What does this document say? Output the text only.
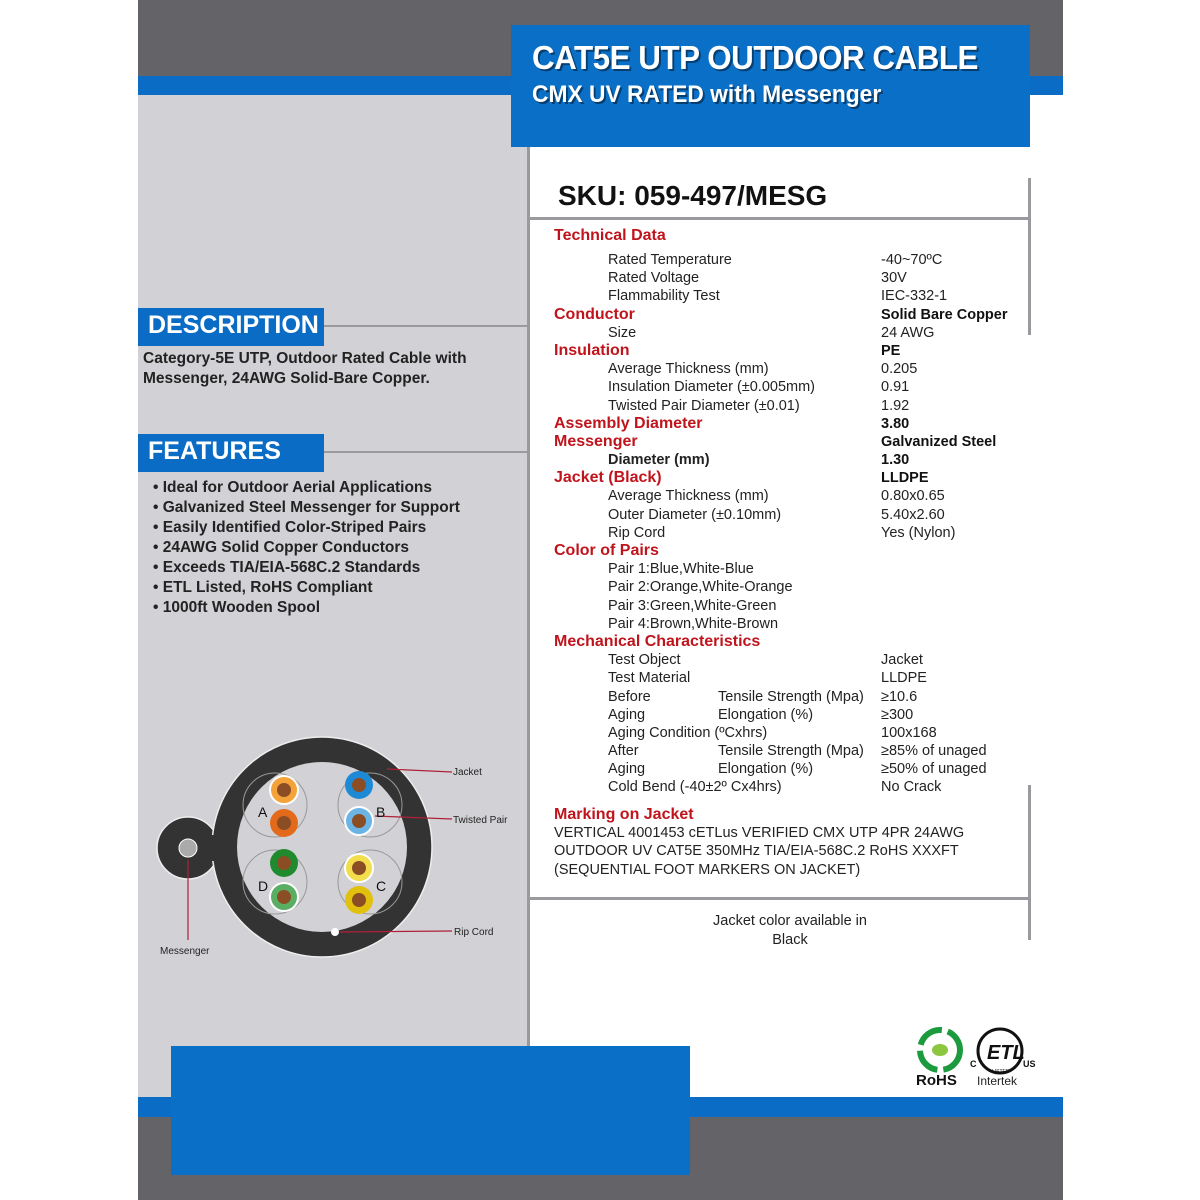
CAT5E UTP OUTDOOR CABLE
CMX UV RATED with Messenger
SKU: 059-497/MESG
DESCRIPTION
Category-5E UTP, Outdoor Rated Cable with Messenger, 24AWG Solid-Bare Copper.
FEATURES
• Ideal for Outdoor Aerial Applications
• Galvanized Steel Messenger for Support
• Easily Identified Color-Striped Pairs
• 24AWG Solid Copper Conductors
• Exceeds TIA/EIA-568C.2 Standards
• ETL Listed, RoHS Compliant
• 1000ft Wooden Spool
Technical Data
Rated Temperature	-40~70ºC
Rated Voltage	30V
Flammability Test	IEC-332-1
Conductor	Solid Bare Copper
Size	24 AWG
Insulation	PE
Average Thickness (mm)	0.205
Insulation Diameter (±0.005mm)	0.91
Twisted Pair Diameter (±0.01)	1.92
Assembly Diameter	3.80
Messenger	Galvanized Steel
Diameter (mm)	1.30
Jacket (Black)	LLDPE
Average Thickness (mm)	0.80x0.65
Outer Diameter (±0.10mm)	5.40x2.60
Rip Cord	Yes (Nylon)
Color of Pairs
Pair 1:Blue,White-Blue
Pair 2:Orange,White-Orange
Pair 3:Green,White-Green
Pair 4:Brown,White-Brown
Mechanical Characteristics
Test Object	Jacket
Test Material	LLDPE
Before	Tensile Strength (Mpa) ≥10.6
Aging	Elongation (%)	≥300
Aging Condition (ºCxhrs)	100x168
After	Tensile Strength (Mpa) ≥85% of unaged
Aging	Elongation (%)	≥50% of unaged
Cold Bend (-40±2º Cx4hrs)	No Crack
Marking on Jacket
VERTICAL 4001453 cETLus VERIFIED CMX UTP 4PR 24AWG
OUTDOOR UV CAT5E 350MHz TIA/EIA-568C.2 RoHS XXXFT
(SEQUENTIAL FOOT MARKERS ON JACKET)
Jacket color available in
Black
Jacket
Twisted Pair
Rip Cord
Messenger
A	B
C
D
RoHS
ETL
C	US
LISTED
Intertek
